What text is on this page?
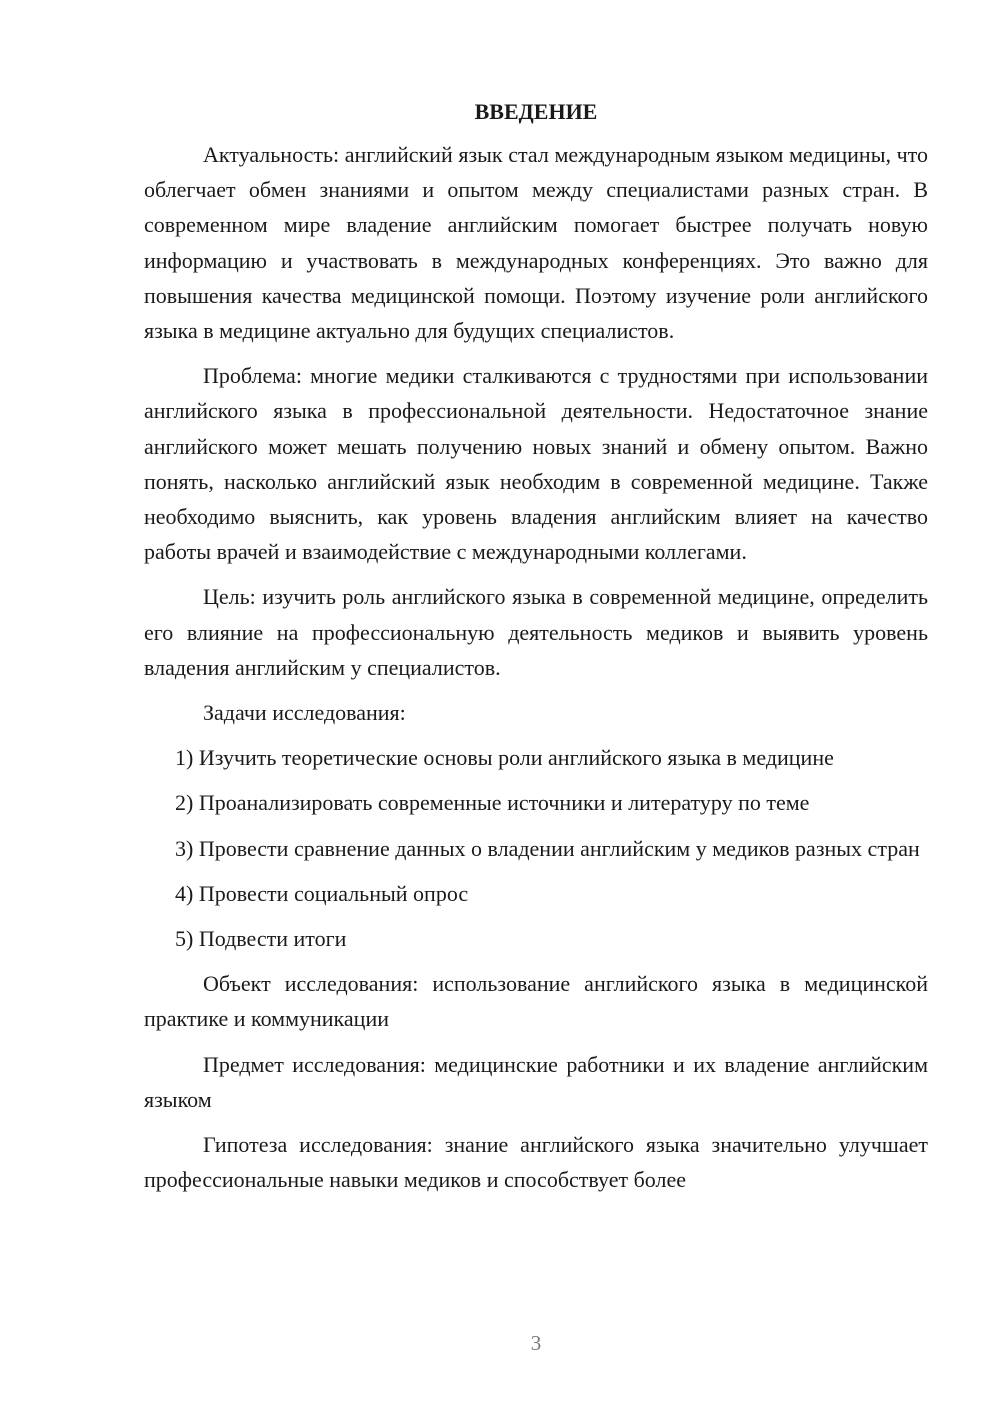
ВВЕДЕНИЕ

Актуальность: английский язык стал международным языком медицины, что облегчает обмен знаниями и опытом между специалистами разных стран. В современном мире владение английским помогает быстрее получать новую информацию и участвовать в международных конференциях. Это важно для повышения качества медицинской помощи. Поэтому изучение роли английского языка в медицине актуально для будущих специалистов.

Проблема: многие медики сталкиваются с трудностями при использовании английского языка в профессиональной деятельности. Недостаточное знание английского может мешать получению новых знаний и обмену опытом. Важно понять, насколько английский язык необходим в современной медицине. Также необходимо выяснить, как уровень владения английским влияет на качество работы врачей и взаимодействие с международными коллегами.

Цель: изучить роль английского языка в современной медицине, определить его влияние на профессиональную деятельность медиков и выявить уровень владения английским у специалистов.

Задачи исследования:

1) Изучить теоретические основы роли английского языка в медицине

2) Проанализировать современные источники и литературу по теме

3) Провести сравнение данных о владении английским у медиков разных стран

4) Провести социальный опрос

5) Подвести итоги

Объект исследования: использование английского языка в медицинской практике и коммуникации

Предмет исследования: медицинские работники и их владение английским языком

Гипотеза исследования: знание английского языка значительно улучшает профессиональные навыки медиков и способствует более

3
